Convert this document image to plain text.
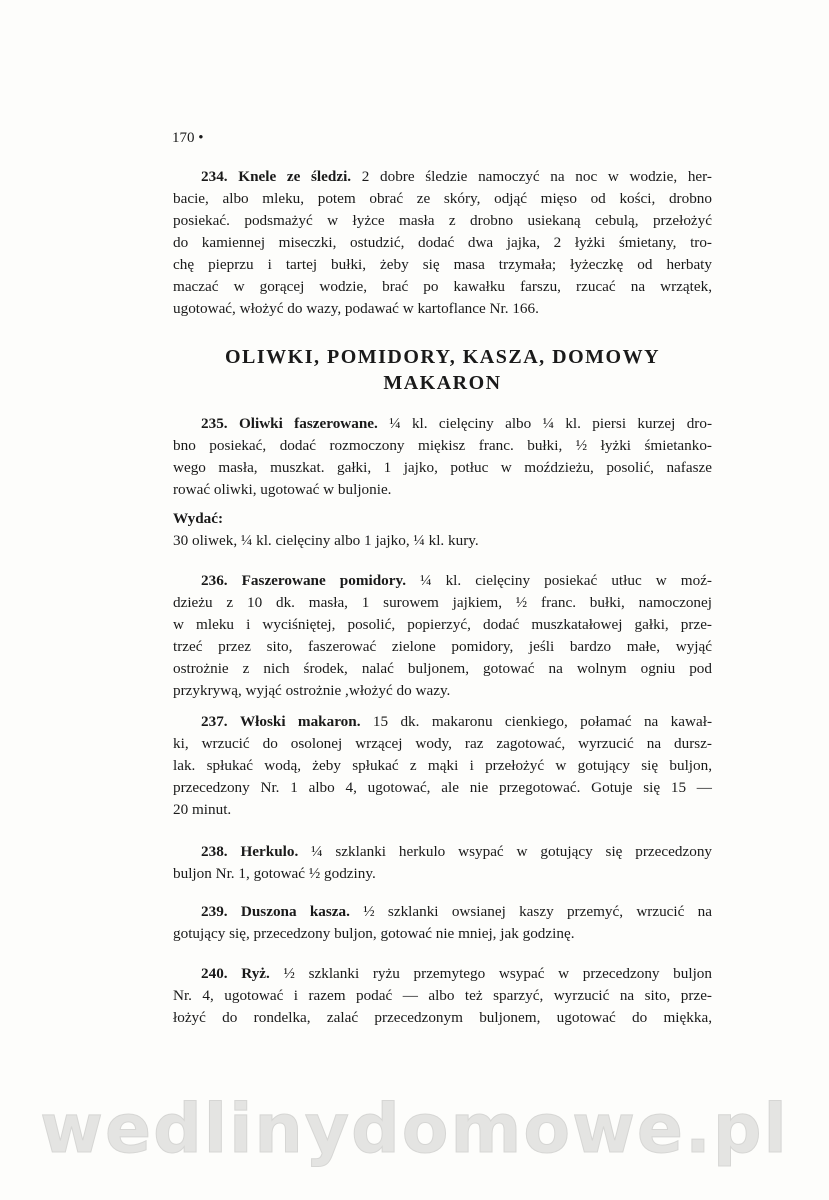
170 •
OLIWKI, POMIDORY, KASZA, DOMOWY
MAKARON
234. Knele ze śledzi. 2 dobre śledzie namoczyć na noc w wodzie, her-
bacie, albo mleku, potem obrać ze skóry, odjąć mięso od kości, drobno
posiekać. podsmażyć w łyżce masła z drobno usiekaną cebulą, przełożyć
do kamiennej miseczki, ostudzić, dodać dwa jajka, 2 łyżki śmietany, tro-
chę pieprzu i tartej bułki, żeby się masa trzymała; łyżeczkę od herbaty
maczać w gorącej wodzie, brać po kawałku farszu, rzucać na wrzątek,
ugotować, włożyć do wazy, podawać w kartoflance Nr. 166.
235. Oliwki faszerowane. ¼ kl. cielęciny albo ¼ kl. piersi kurzej dro-
bno posiekać, dodać rozmoczony miękisz franc. bułki, ½ łyżki śmietanko-
wego masła, muszkat. gałki, 1 jajko, potłuc w moździeżu, posolić, nafasze
rować oliwki, ugotować w buljonie.
Wydać:
30 oliwek, ¼ kl. cielęciny albo 1 jajko, ¼ kl. kury.
236. Faszerowane pomidory. ¼ kl. cielęciny posiekać utłuc w moź-
dzieżu z 10 dk. masła, 1 surowem jajkiem, ½ franc. bułki, namoczonej
w mleku i wyciśniętej, posolić, popierzyć, dodać muszkatałowej gałki, prze-
trzeć przez sito, faszerować zielone pomidory, jeśli bardzo małe, wyjąć
ostrożnie z nich środek, nalać buljonem, gotować na wolnym ogniu pod
przykrywą, wyjąć ostrożnie ,włożyć do wazy.
237. Włoski makaron. 15 dk. makaronu cienkiego, połamać na kawał-
ki, wrzucić do osolonej wrzącej wody, raz zagotować, wyrzucić na dursz-
lak. spłukać wodą, żeby spłukać z mąki i przełożyć w gotujący się buljon,
przecedzony Nr. 1 albo 4, ugotować, ale nie przegotować. Gotuje się 15 —
20 minut.
238. Herkulo. ¼ szklanki herkulo wsypać w gotujący się przecedzony
buljon Nr. 1, gotować ½ godziny.
239. Duszona kasza. ½ szklanki owsianej kaszy przemyć, wrzucić na
gotujący się, przecedzony buljon, gotować nie mniej, jak godzinę.
240. Ryż. ½ szklanki ryżu przemytego wsypać w przecedzony buljon
Nr. 4, ugotować i razem podać — albo też sparzyć, wyrzucić na sito, prze-
łożyć do rondelka, zalać przecedzonym buljonem, ugotować do miękka,
wedlinydomowe.pl
